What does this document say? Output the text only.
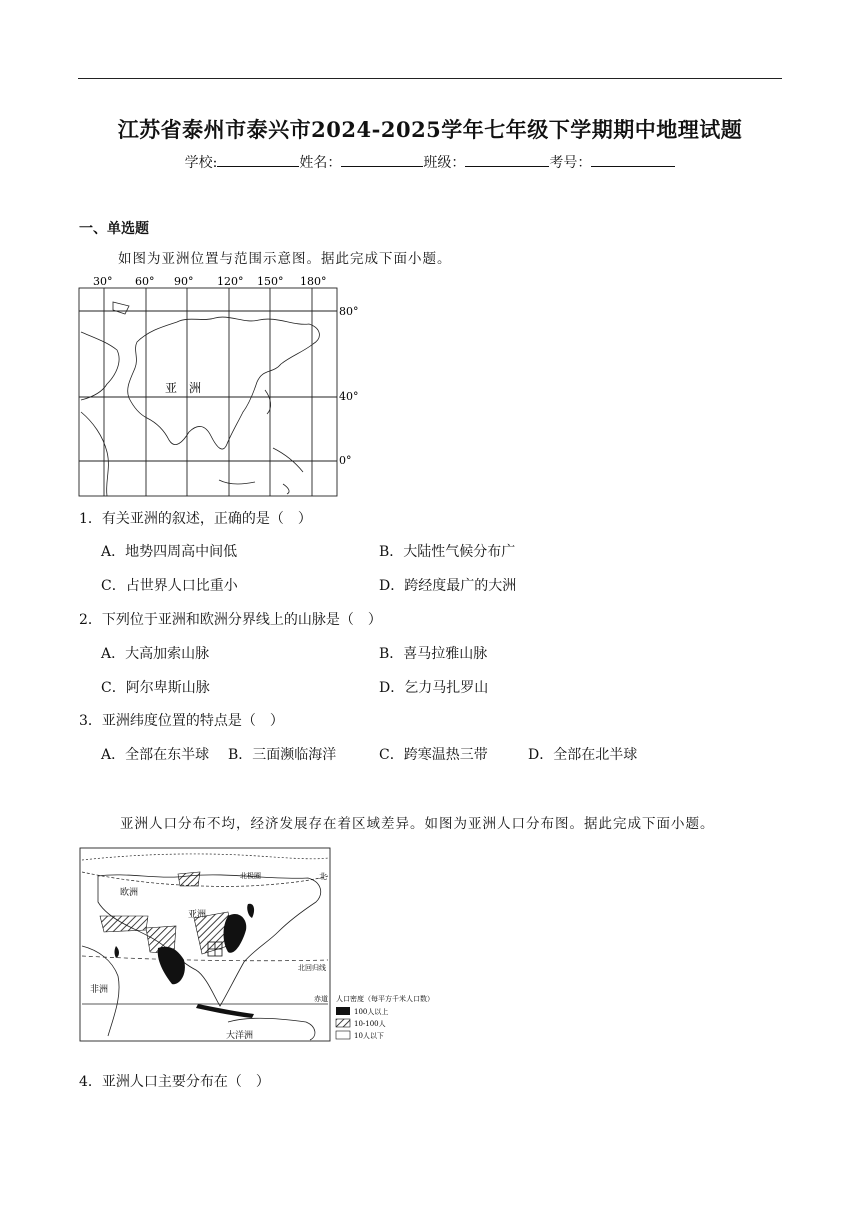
江苏省泰州市泰兴市2024-2025学年七年级下学期期中地理试题
学校:	姓名：	班级：	考号：
一、单选题
如图为亚洲位置与范围示意图。据此完成下面小题。
30° 60° 90° 120° 150° 180°
80°
40°
0°
亚　洲
1．有关亚洲的叙述，正确的是（　）
A．地势四周高中间低	B．大陆性气候分布广
C．占世界人口比重小	D．跨经度最广的大洲
2．下列位于亚洲和欧洲分界线上的山脉是（　）
A．大高加索山脉	B．喜马拉雅山脉
C．阿尔卑斯山脉	D．乞力马扎罗山
3．亚洲纬度位置的特点是（　）
A．全部在东半球 B．三面濒临海洋	C．跨寒温热三带	D．全部在北半球
亚洲人口分布不均，经济发展存在着区域差异。如图为亚洲人口分布图。据此完成下面小题。
欧洲
亚洲
非洲
大洋洲
北极圈
北回归线
赤道
北
人口密度（每平方千米人口数）
100人以上
10-100人
10人以下
4．亚洲人口主要分布在（　）
